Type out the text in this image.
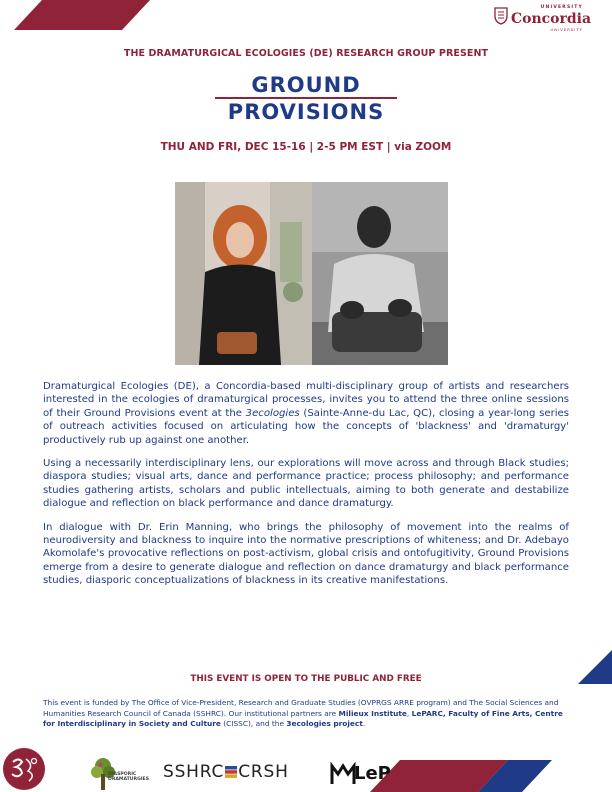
UNIVERSITY
Concordia
UNIVERSITY
THE DRAMATURGICAL ECOLOGIES (DE) RESEARCH GROUP PRESENT
GROUND
PROVISIONS
THU AND FRI, DEC 15-16 | 2-5 PM EST | via ZOOM

Dramaturgical Ecologies (DE), a Concordia-based multi-disciplinary group of artists and researchers interested in the ecologies of dramaturgical processes, invites you to attend the three online sessions of their Ground Provisions event at the 3ecologies (Sainte-Anne-du Lac, QC), closing a year-long series of outreach activities focused on articulating how the concepts of 'blackness' and 'dramaturgy' productively rub up against one another.

Using a necessarily interdisciplinary lens, our explorations will move across and through Black studies; diaspora studies; visual arts, dance and performance practice; process philosophy; and performance studies gathering artists, scholars and public intellectuals, aiming to both generate and destabilize dialogue and reflection on black performance and dance dramaturgy.

In dialogue with Dr. Erin Manning, who brings the philosophy of movement into the realms of neurodiversity and blackness to inquire into the normative prescriptions of whiteness; and Dr. Adebayo Akomolafe's provocative reflections on post-activism, global crisis and ontofugitivity, Ground Provisions emerge from a desire to generate dialogue and reflection on dance dramaturgy and black performance studies, diasporic conceptualizations of blackness in its creative manifestations.

THIS EVENT IS OPEN TO THE PUBLIC AND FREE
This event is funded by The Office of Vice-President, Research and Graduate Studies (OVPRGS ARRE program) and The Social Sciences and Humanities Research Council of Canada (SSHRC). Our institutional partners are Milieux Institute, LePARC, Faculty of Fine Arts, Centre for Interdisciplinary in Society and Culture (CISSC), and the 3ecologies project.
DIASPORIC
DRAMATURGIES SSHRC CRSH	LeP
